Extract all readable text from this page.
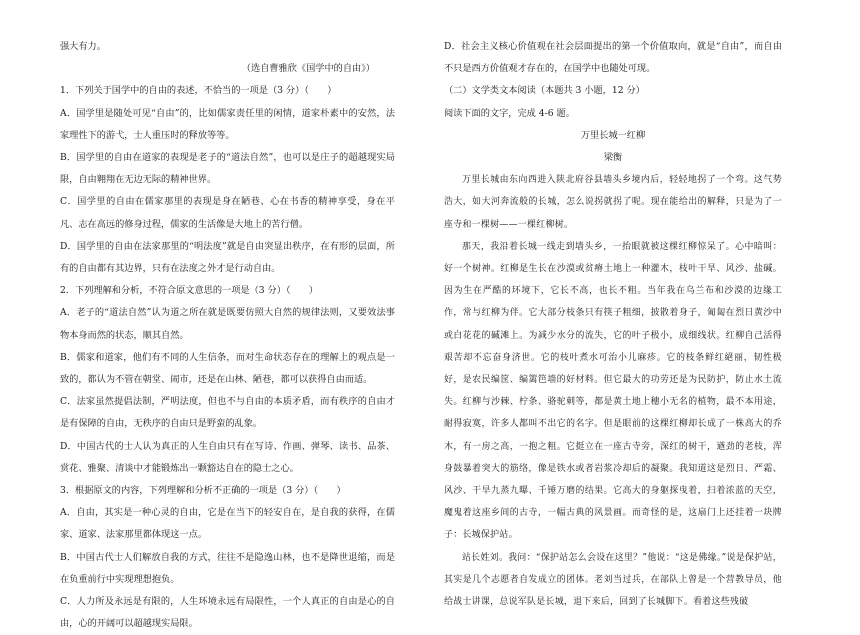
强大有力。

（选自曹雅欣《国学中的自由》）

1．下列关于国学中的自由的表述，不恰当的一项是（3 分）（　　）

A．国学里是随处可见“自由”的，比如儒家责任里的闲情，道家朴素中的安然，法家理性下的游弋，士人重压时的释放等等。

B．国学里的自由在道家的表现是老子的“道法自然”，也可以是庄子的超越现实局限，自由翱翔在无边无际的精神世界。

C．国学里的自由在儒家那里的表现是身在陋巷、心在书香的精神享受，身在平凡、志在高远的修身过程，儒家的生活像是大地上的苦行僧。

D．国学里的自由在法家那里的“明法度”就是自由突显出秩序，在有形的层面，所有的自由都有其边界，只有在法度之外才是行动自由。

2．下列理解和分析，不符合原文意思的一项是（3 分）（　　）

A．老子的“道法自然”认为道之所在就是既要仿照大自然的规律法则，又要效法事物本身而然的状态，顺其自然。

B．儒家和道家，他们有不同的人生信条，而对生命状态存在的理解上的观点是一致的，都认为不管在朝堂、闹市，还是在山林、陋巷，都可以获得自由而适。

C．法家虽然提倡法制，严明法度，但也不与自由的本质矛盾，而有秩序的自由才是有保障的自由，无秩序的自由只是野蛮的乱象。

D．中国古代的士人认为真正的人生自由只有在写诗、作画、弹琴、读书、品茶、赏花、雅聚、清谈中才能锻炼出一颗豁达自在的隐士之心。

3．根据原文的内容，下列理解和分析不正确的一项是（3 分）（　　）

A．自由，其实是一种心灵的自由，它是在当下的轻安自在，是自我的获得，在儒家、道家、法家那里都体现这一点。

B．中国古代士人们解放自我的方式，往往不是隐逸山林，也不是降世退缩，而是在负重前行中实现理想抱负。

C．人力所及永远是有限的，人生环境永远有局限性，一个人真正的自由是心的自由，心的开阔可以超越现实局限。

D．社会主义核心价值观在社会层面提出的第一个价值取向，就是“自由”，而自由不只是西方价值观才存在的，在国学中也随处可现。

（二）文学类文本阅读（本题共 3 小题，12 分）

阅读下面的文字，完成 4-6 题。

万里长城一红柳

梁衡

万里长城由东向西进入陕北府谷县墙头乡境内后，轻轻地拐了一个弯。这气势浩大，如大河奔流般的长城，怎么说拐就拐了呢。现在能给出的解释，只是为了一座寺和一棵树——一棵红柳树。

那天，我沿着长城一线走到墙头乡，一抬眼就被这棵红柳惊呆了。心中暗叫：好一个树神。红柳是生长在沙漠或贫瘠土地上一种灌木，枝叶干旱、风沙、盐碱。因为生在严酷的环境下，它长不高，也长不粗。当年我在乌兰布和沙漠的边缘工作，常与红柳为伴。它大部分枝条只有筷子粗细，披散着身子，匍匐在烈日黄沙中或白花花的碱滩上。为减少水分的流失，它的叶子极小，成细线状。红柳自己活得艰苦却不忘奋身济世。它的枝叶煮水可治小儿麻疹。它的枝条鲜红絕丽，韧性极好，是农民编筐、编篱笆墙的好材料。但它最大的功劳还是为民防护，防止水土流失。红柳与沙棘、柠条、骆驼刺等，都是黄土地上穗小无名的植物，最不本用途，耐得寂寞，许多人都叫不出它的名字。但是眼前的这棵红柳却长成了一株高大的乔木，有一房之高，一抱之粗。它挺立在一座古寺旁，深红的树干，遒劲的老枝，浑身鼓暴着突大的筋络，像是铁水或者岩浆冷却后的凝聚。我知道这是烈日、严霜、风沙、干旱九蒸九曝、千锤万磨的结果。它高大的身躯探曳着，扫着浓蓝的天空，魔鬼着这座乡间的古寺，一幅古典的风景画。而奇怪的是，这扇门上还挂着一块牌子：长城保护站。

站长姓刘。我问：“保护站怎么会设在这里？”他说：“这是佛缘。”说是保护站，其实是几个志愿者自发成立的团体。老刘当过兵，在部队上曾是一个营教导员，他给战士讲课，总说军队是长城，退下来后，回到了长城脚下。看着这些残破
